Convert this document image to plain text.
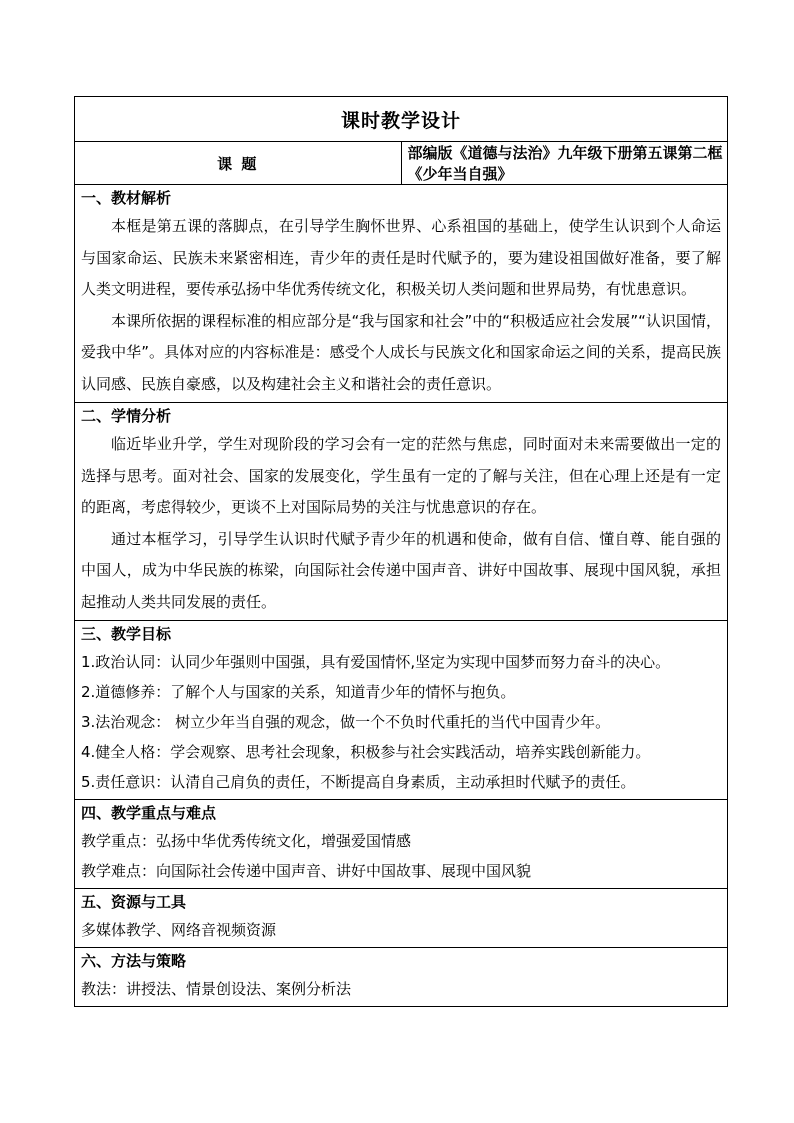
课时教学设计
课 题	部编版《道德与法治》九年级下册第五课第二框《少年当自强》

一、教材解析

本框是第五课的落脚点，在引导学生胸怀世界、心系祖国的基础上，使学生认识到个人命运与国家命运、民族未来紧密相连，青少年的责任是时代赋予的，要为建设祖国做好准备，要了解人类文明进程，要传承弘扬中华优秀传统文化，积极关切人类问题和世界局势，有忧患意识。

本课所依据的课程标准的相应部分是“我与国家和社会”中的“积极适应社会发展”“认识国情，爱我中华”。具体对应的内容标准是：感受个人成长与民族文化和国家命运之间的关系，提高民族认同感、民族自豪感，以及构建社会主义和谐社会的责任意识。

二、学情分析

临近毕业升学，学生对现阶段的学习会有一定的茫然与焦虑，同时面对未来需要做出一定的选择与思考。面对社会、国家的发展变化，学生虽有一定的了解与关注，但在心理上还是有一定的距离，考虑得较少，更谈不上对国际局势的关注与忧患意识的存在。

通过本框学习，引导学生认识时代赋予青少年的机遇和使命，做有自信、懂自尊、能自强的中国人，成为中华民族的栋梁，向国际社会传递中国声音、讲好中国故事、展现中国风貌，承担起推动人类共同发展的责任。

三、教学目标

1.政治认同：认同少年强则中国强，具有爱国情怀,坚定为实现中国梦而努力奋斗的决心。

2.道德修养：了解个人与国家的关系，知道青少年的情怀与抱负。

3.法治观念： 树立少年当自强的观念，做一个不负时代重托的当代中国青少年。

4.健全人格：学会观察、思考社会现象，积极参与社会实践活动，培养实践创新能力。

5.责任意识：认清自己肩负的责任，不断提高自身素质，主动承担时代赋予的责任。

四、教学重点与难点

教学重点：弘扬中华优秀传统文化，增强爱国情感

教学难点：向国际社会传递中国声音、讲好中国故事、展现中国风貌

五、资源与工具

多媒体教学、网络音视频资源

六、方法与策略

教法：讲授法、情景创设法、案例分析法
